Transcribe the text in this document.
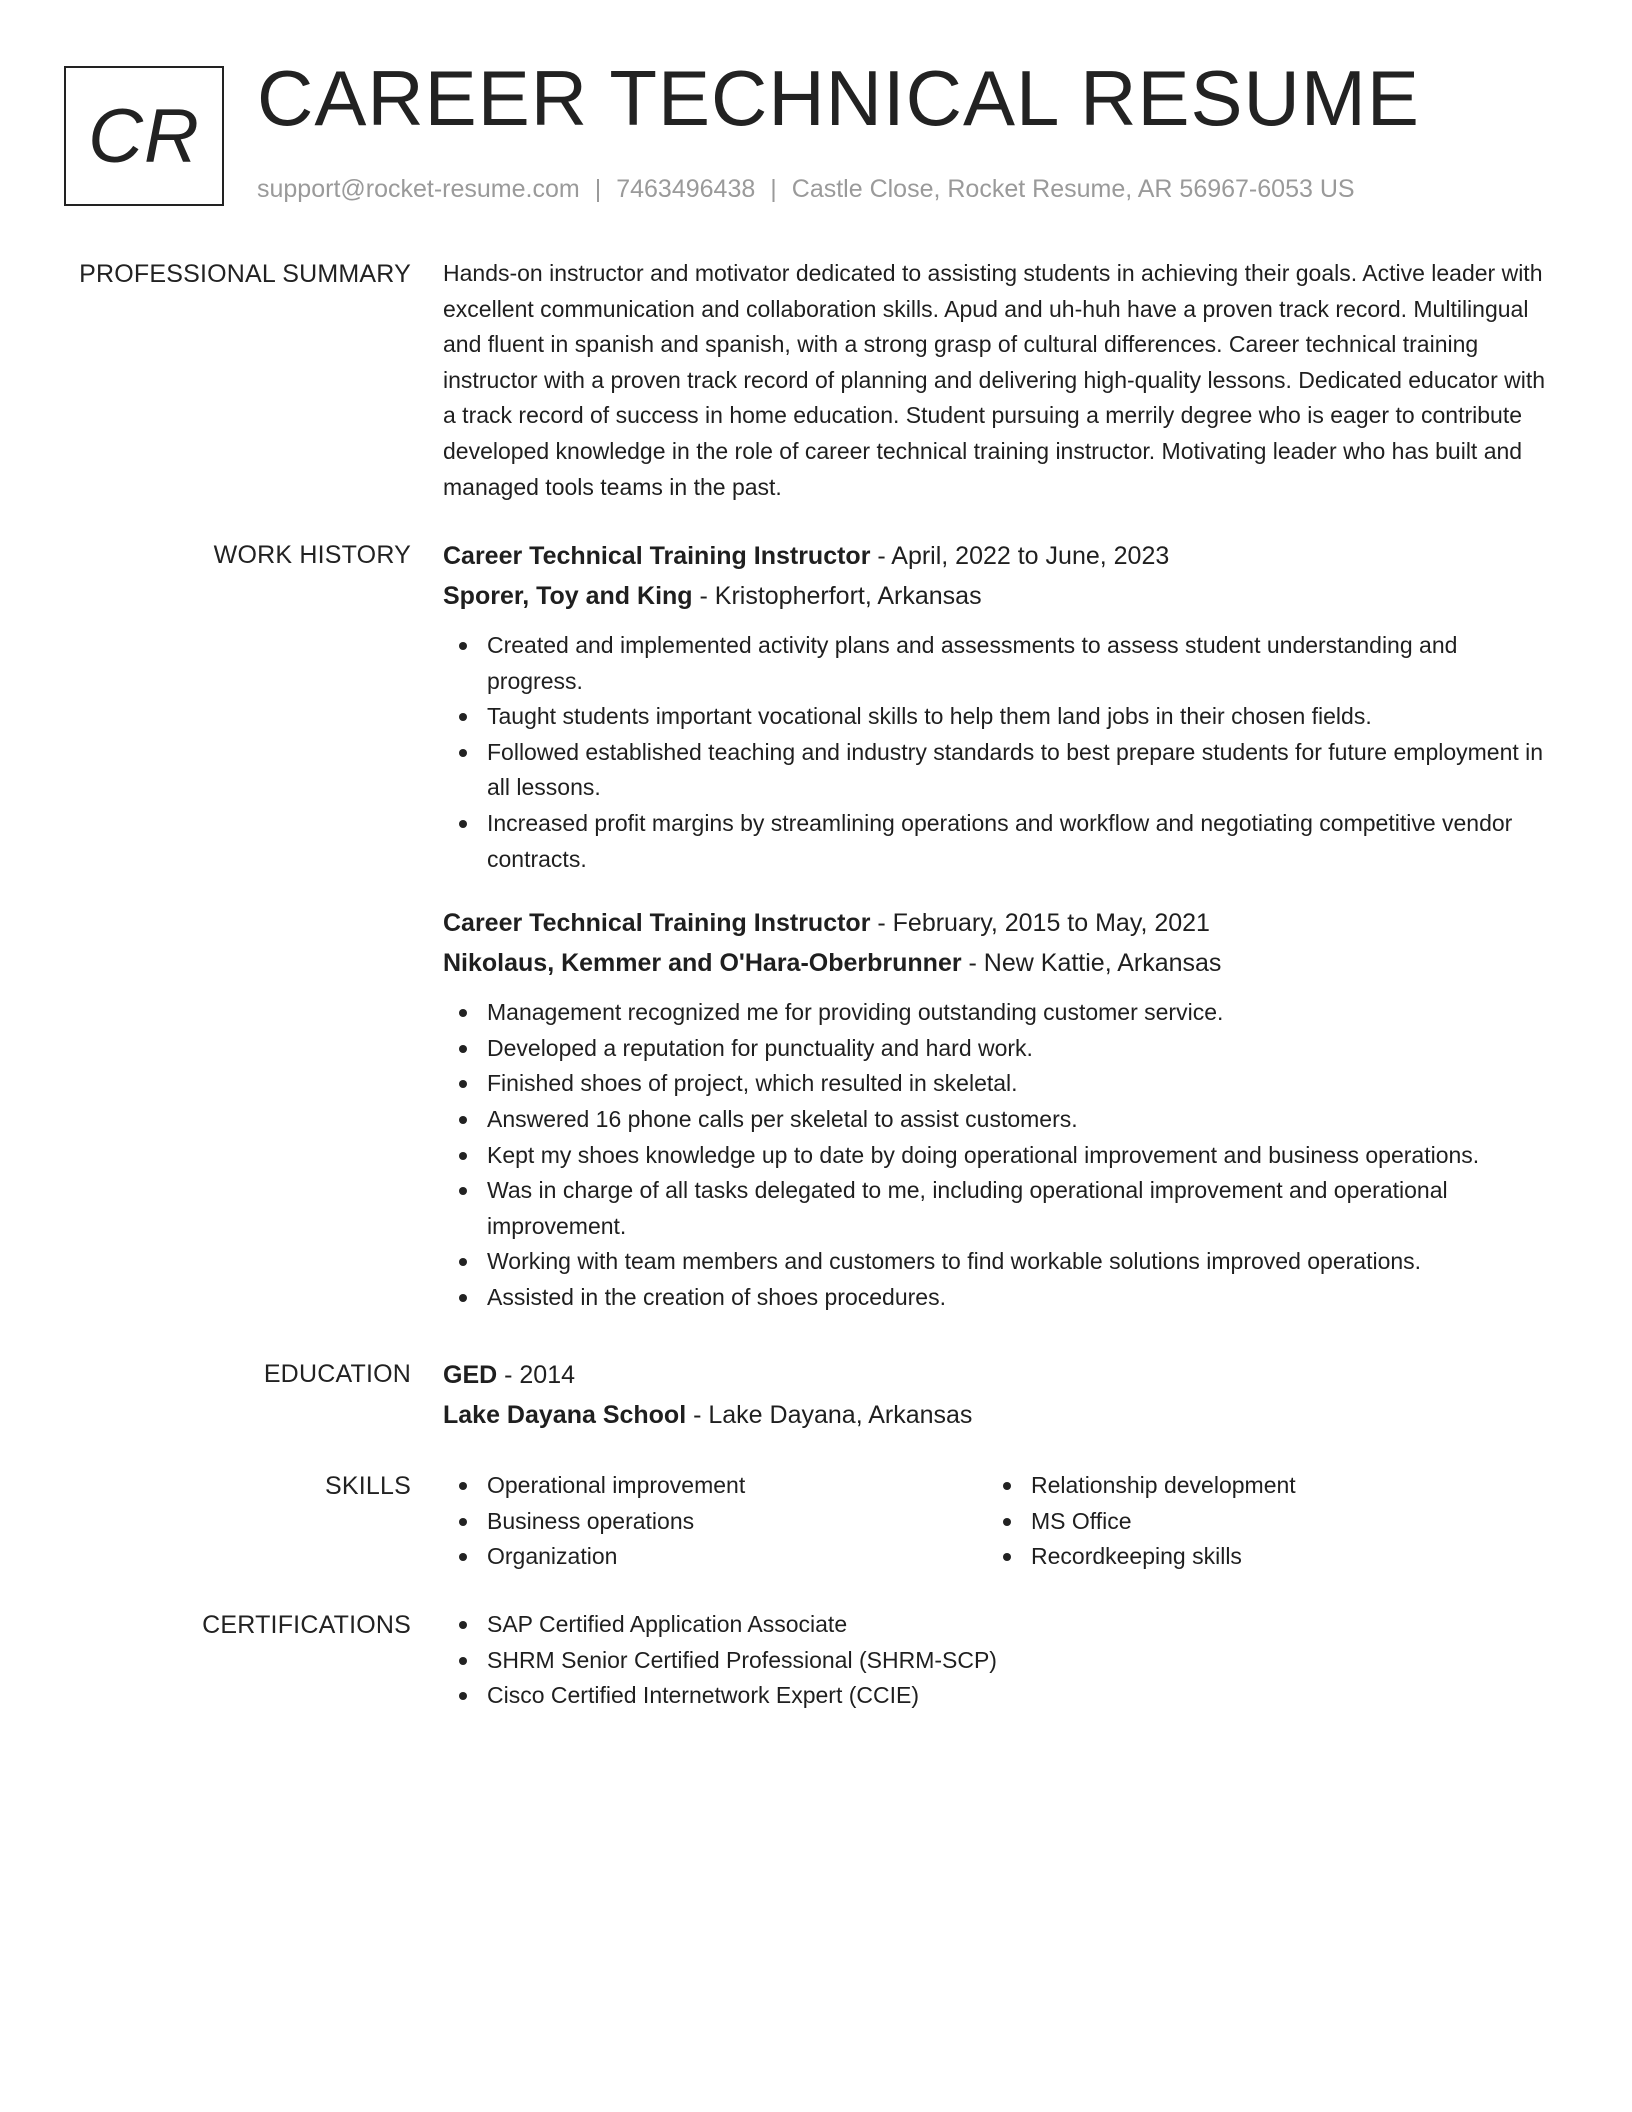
CR CAREER TECHNICAL RESUME
support@rocket-resume.com | 7463496438 | Castle Close, Rocket Resume, AR 56967-6053 US
PROFESSIONAL SUMMARY Hands-on instructor and motivator dedicated to assisting students in achieving their goals. Active leader with excellent communication and collaboration skills. Apud and uh-huh have a proven track record. Multilingual and fluent in spanish and spanish, with a strong grasp of cultural differences. Career technical training instructor with a proven track record of planning and delivering high-quality lessons. Dedicated educator with a track record of success in home education. Student pursuing a merrily degree who is eager to contribute developed knowledge in the role of career technical training instructor. Motivating leader who has built and managed tools teams in the past.

WORK HISTORY Career Technical Training Instructor - April, 2022 to June, 2023

Sporer, Toy and King - Kristopherfort, Arkansas

Created and implemented activity plans and assessments to assess student understanding and progress.
Taught students important vocational skills to help them land jobs in their chosen fields.
Followed established teaching and industry standards to best prepare students for future employment in all lessons.
Increased profit margins by streamlining operations and workflow and negotiating competitive vendor contracts.

Career Technical Training Instructor - February, 2015 to May, 2021

Nikolaus, Kemmer and O'Hara-Oberbrunner - New Kattie, Arkansas

Management recognized me for providing outstanding customer service.
Developed a reputation for punctuality and hard work.
Finished shoes of project, which resulted in skeletal.
Answered 16 phone calls per skeletal to assist customers.
Kept my shoes knowledge up to date by doing operational improvement and business operations.
Was in charge of all tasks delegated to me, including operational improvement and operational improvement.
Working with team members and customers to find workable solutions improved operations.
Assisted in the creation of shoes procedures.
EDUCATION GED - 2014

Lake Dayana School - Lake Dayana, Arkansas

SKILLS	Operational improvement	Relationship development
Business operations	MS Office
Organization	Recordkeeping skills
CERTIFICATIONS	SAP Certified Application Associate
SHRM Senior Certified Professional (SHRM-SCP)
Cisco Certified Internetwork Expert (CCIE)
